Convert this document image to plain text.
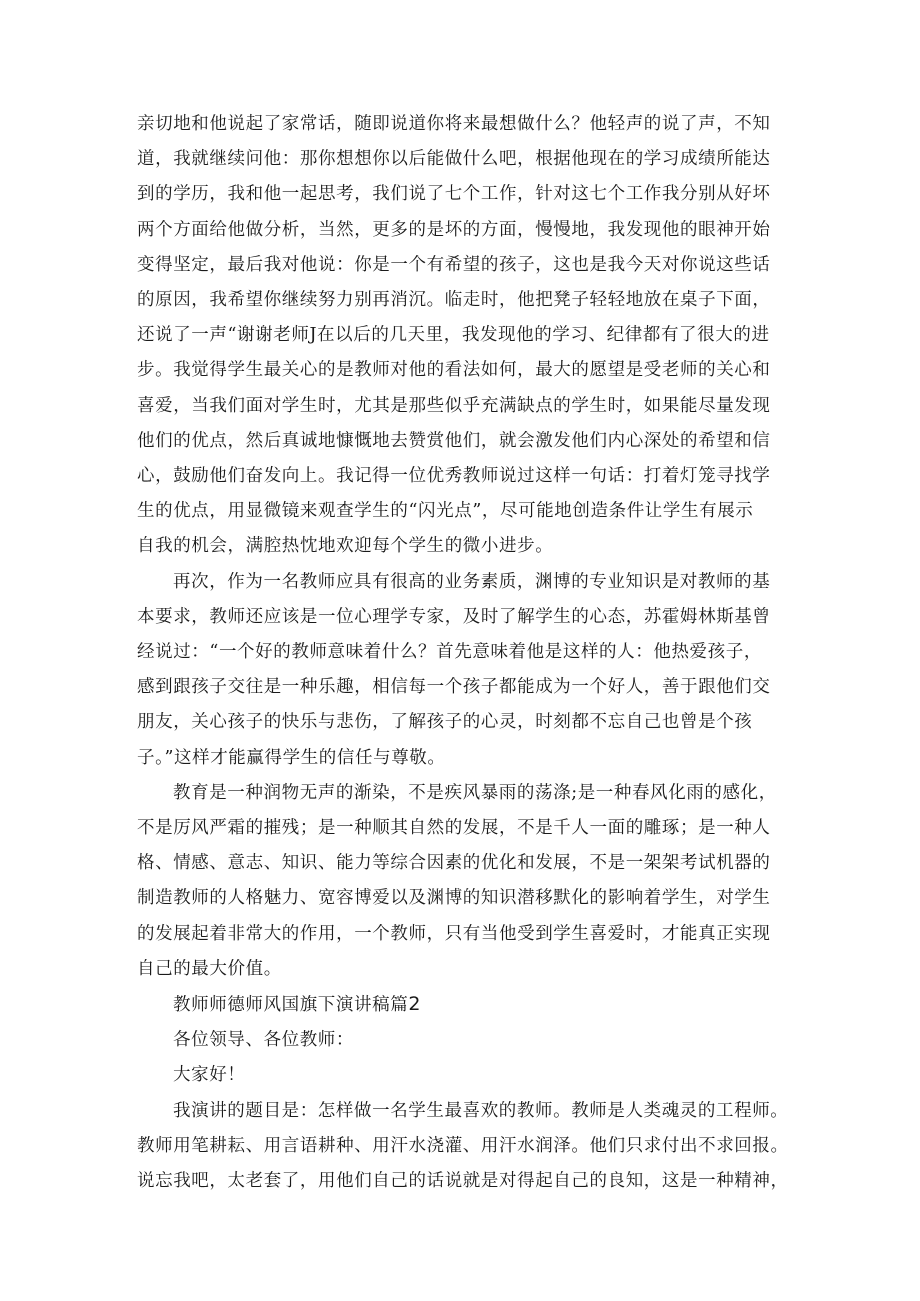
亲切地和他说起了家常话，随即说道你将来最想做什么？他轻声的说了声，不知
道，我就继续问他：那你想想你以后能做什么吧，根据他现在的学习成绩所能达
到的学历，我和他一起思考，我们说了七个工作，针对这七个工作我分别从好坏
两个方面给他做分析，当然，更多的是坏的方面，慢慢地，我发现他的眼神开始
变得坚定，最后我对他说：你是一个有希望的孩子，这也是我今天对你说这些话
的原因，我希望你继续努力别再消沉。临走时，他把凳子轻轻地放在桌子下面，
还说了一声“谢谢老师J在以后的几天里，我发现他的学习、纪律都有了很大的进
步。我觉得学生最关心的是教师对他的看法如何，最大的愿望是受老师的关心和
喜爱，当我们面对学生时，尤其是那些似乎充满缺点的学生时，如果能尽量发现
他们的优点，然后真诚地慷慨地去赞赏他们，就会激发他们内心深处的希望和信
心，鼓励他们奋发向上。我记得一位优秀教师说过这样一句话：打着灯笼寻找学
生的优点，用显微镜来观查学生的“闪光点”，尽可能地创造条件让学生有展示
自我的机会，满腔热忱地欢迎每个学生的微小进步。

再次，作为一名教师应具有很高的业务素质，渊博的专业知识是对教师的基
本要求，教师还应该是一位心理学专家，及时了解学生的心态，苏霍姆林斯基曾
经说过：“一个好的教师意味着什么？首先意味着他是这样的人：他热爱孩子，
感到跟孩子交往是一种乐趣，相信每一个孩子都能成为一个好人，善于跟他们交
朋友，关心孩子的快乐与悲伤，了解孩子的心灵，时刻都不忘自己也曾是个孩
子。”这样才能赢得学生的信任与尊敬。

教育是一种润物无声的渐染，不是疾风暴雨的荡涤;是一种春风化雨的感化，
不是厉风严霜的摧残；是一种顺其自然的发展，不是千人一面的雕琢；是一种人
格、情感、意志、知识、能力等综合因素的优化和发展，不是一架架考试机器的
制造教师的人格魅力、宽容博爱以及渊博的知识潜移默化的影响着学生，对学生
的发展起着非常大的作用，一个教师，只有当他受到学生喜爱时，才能真正实现
自己的最大价值。

教师师德师风国旗下演讲稿篇2

各位领导、各位教师：

大家好！

我演讲的题目是：怎样做一名学生最喜欢的教师。教师是人类魂灵的工程师。
教师用笔耕耘、用言语耕种、用汗水浇灌、用汗水润泽。他们只求付出不求回报。
说忘我吧，太老套了，用他们自己的话说就是对得起自己的良知，这是一种精神，
